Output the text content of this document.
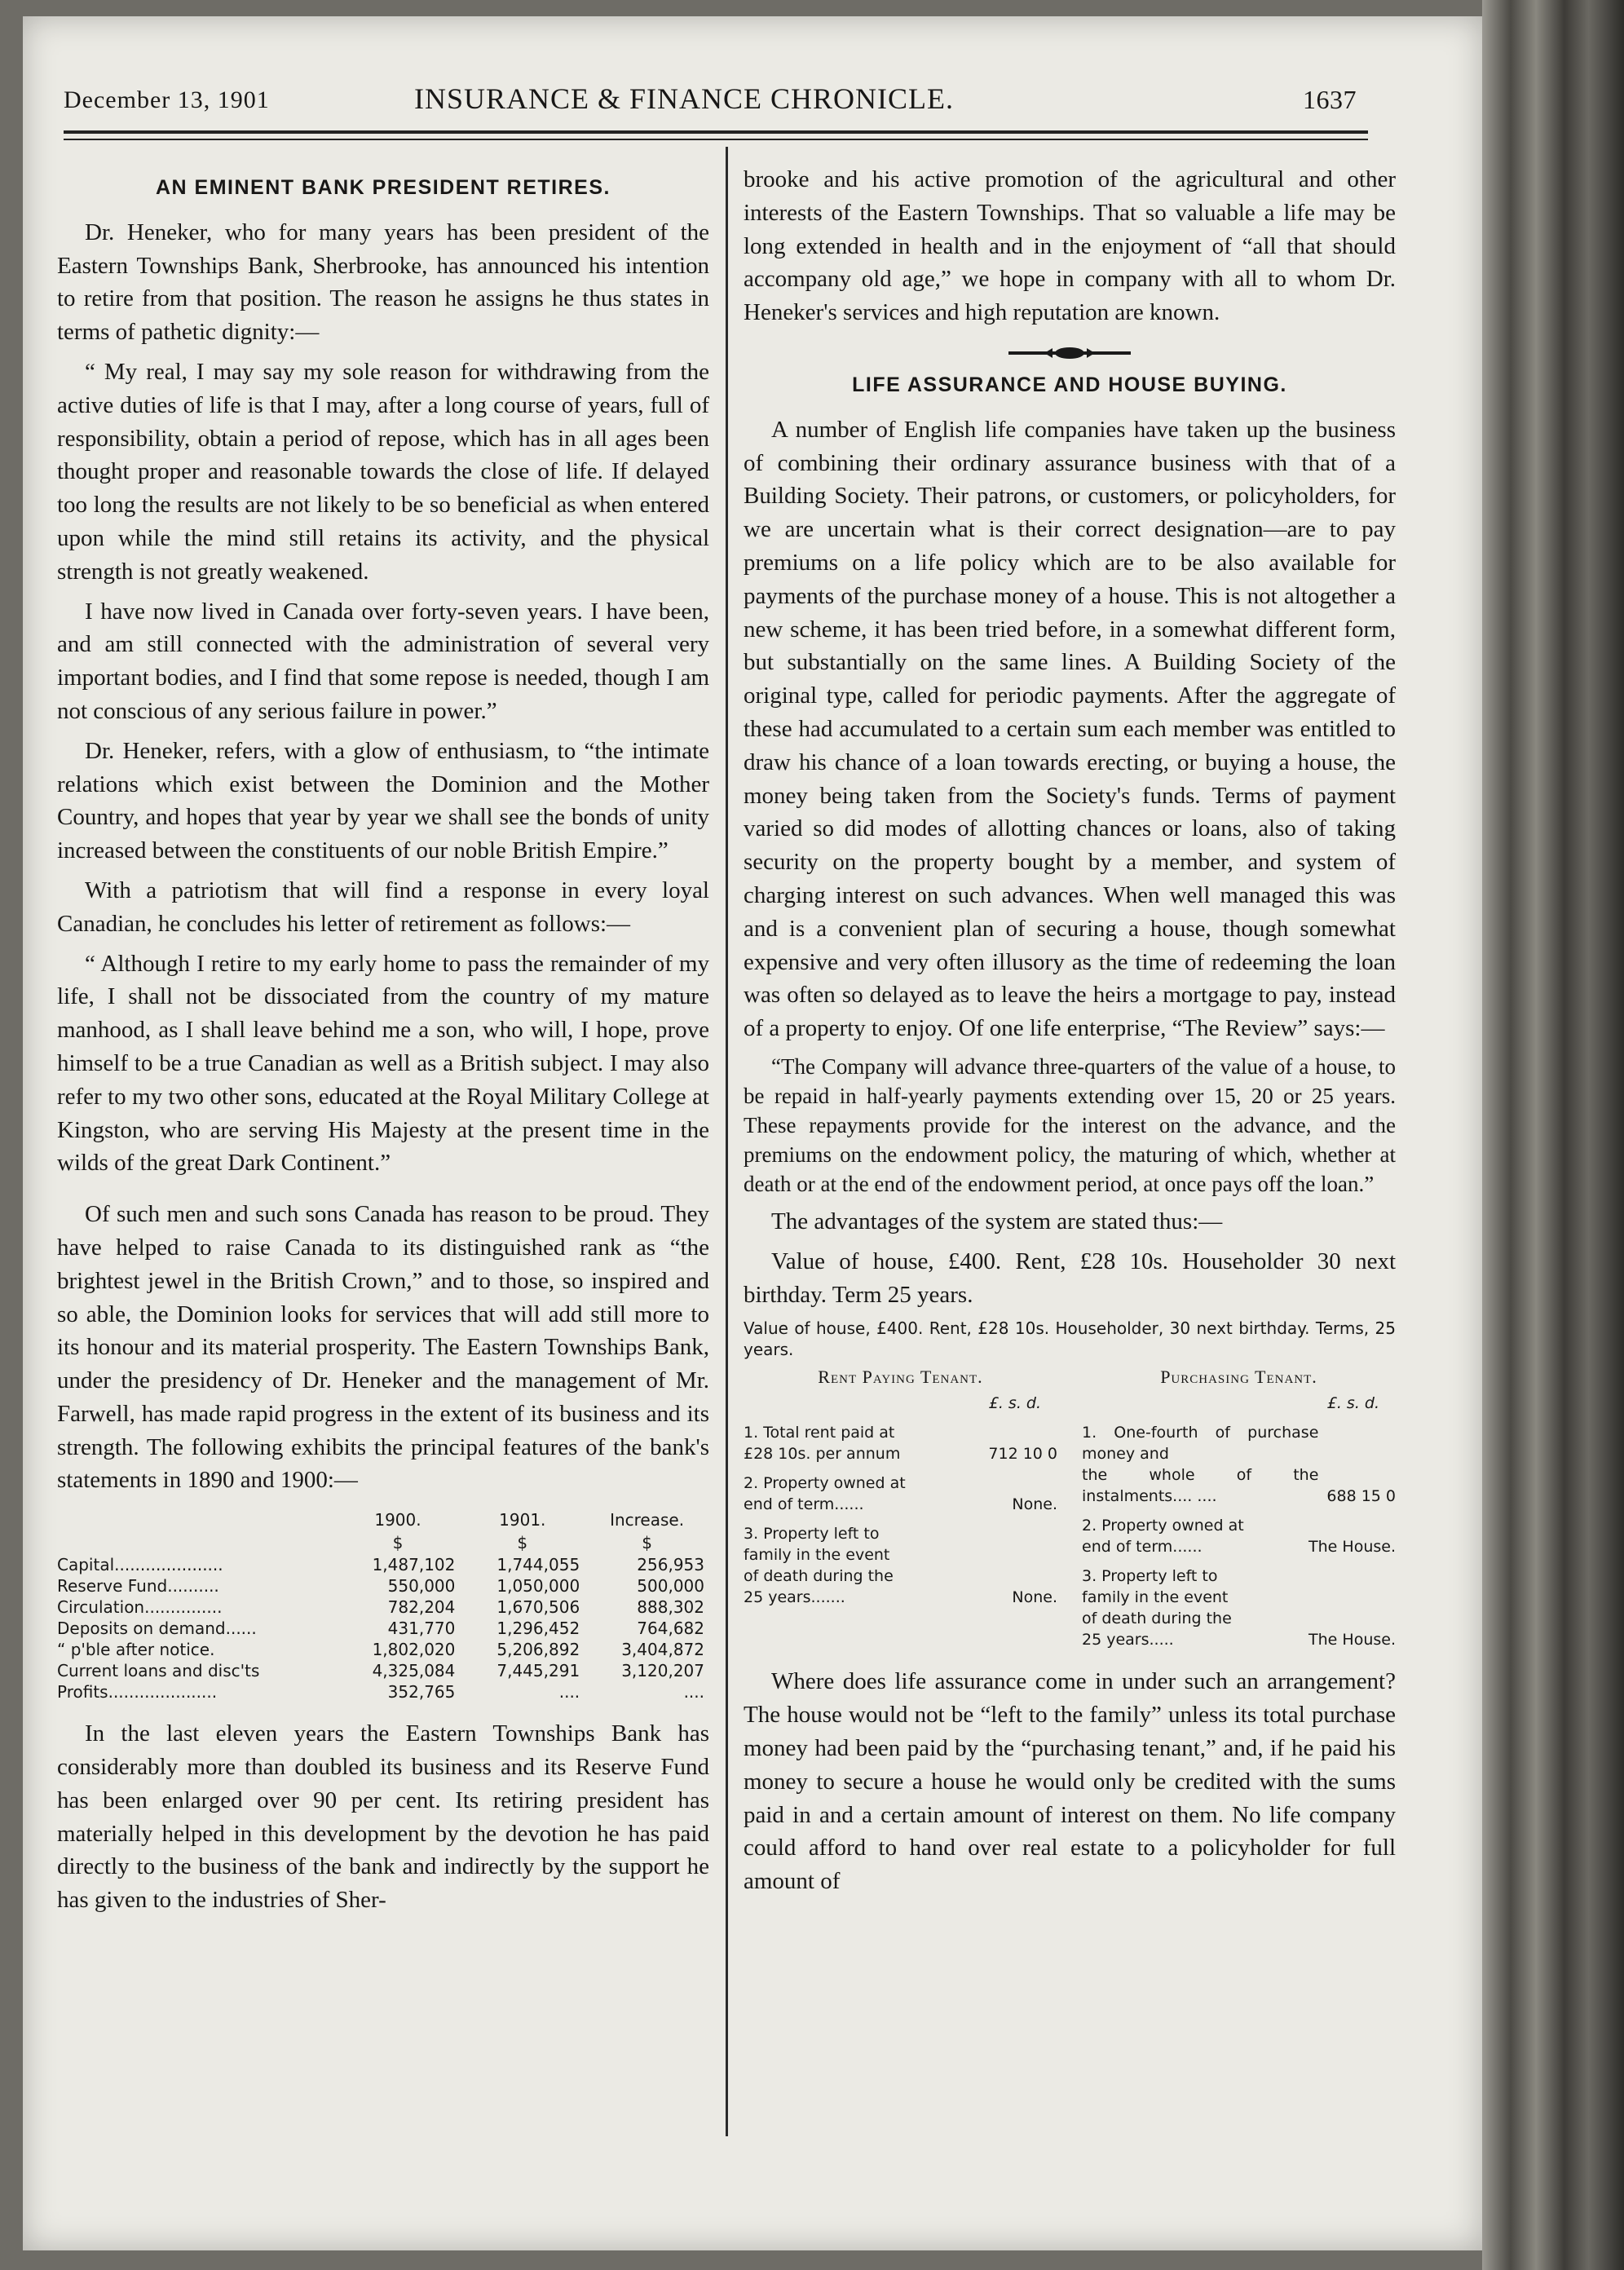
December 13, 1901	INSURANCE & FINANCE CHRONICLE.	1637
AN EMINENT BANK PRESIDENT RETIRES.

Dr. Heneker, who for many years has been president of the Eastern Townships Bank, Sherbrooke, has announced his intention to retire from that position. The reason he assigns he thus states in terms of pathetic dignity:—

“ My real, I may say my sole reason for withdrawing from the active duties of life is that I may, after a long course of years, full of responsibility, obtain a period of repose, which has in all ages been thought proper and reasonable towards the close of life. If delayed too long the results are not likely to be so beneficial as when entered upon while the mind still retains its activity, and the physical strength is not greatly weakened.

I have now lived in Canada over forty-seven years. I have been, and am still connected with the administration of several very important bodies, and I find that some repose is needed, though I am not conscious of any serious failure in power.”

Dr. Heneker, refers, with a glow of enthusiasm, to “the intimate relations which exist between the Dominion and the Mother Country, and hopes that year by year we shall see the bonds of unity increased between the constituents of our noble British Empire.”

With a patriotism that will find a response in every loyal Canadian, he concludes his letter of retirement as follows:—

“ Although I retire to my early home to pass the remainder of my life, I shall not be dissociated from the country of my mature manhood, as I shall leave behind me a son, who will, I hope, prove himself to be a true Canadian as well as a British subject. I may also refer to my two other sons, educated at the Royal Military College at Kingston, who are serving His Majesty at the present time in the wilds of the great Dark Continent.”

Of such men and such sons Canada has reason to be proud. They have helped to raise Canada to its distinguished rank as “the brightest jewel in the British Crown,” and to those, so inspired and so able, the Dominion looks for services that will add still more to its honour and its material prosperity. The Eastern Townships Bank, under the presidency of Dr. Heneker and the management of Mr. Farwell, has made rapid progress in the extent of its business and its strength. The following exhibits the principal features of the bank's statements in 1890 and 1900:—

	1900.	1901.	Increase.
	$	$	$
Capital.....................	1,487,102	1,744,055	256,953
Reserve Fund..........	550,000	1,050,000	500,000
Circulation...............	782,204	1,670,506	888,302
Deposits on demand......	431,770	1,296,452	764,682
“ p'ble after notice.	1,802,020	5,206,892	3,404,872
Current loans and disc'ts	4,325,084	7,445,291	3,120,207
Profits.....................	352,765	....	....

In the last eleven years the Eastern Townships Bank has considerably more than doubled its business and its Reserve Fund has been enlarged over 90 per cent. Its retiring president has materially helped in this development by the devotion he has paid directly to the business of the bank and indirectly by the support he has given to the industries of Sher-

brooke and his active promotion of the agricultural and other interests of the Eastern Townships. That so valuable a life may be long extended in health and in the enjoyment of “all that should accompany old age,” we hope in company with all to whom Dr. Heneker's services and high reputation are known.

LIFE ASSURANCE AND HOUSE BUYING.

A number of English life companies have taken up the business of combining their ordinary assurance business with that of a Building Society. Their patrons, or customers, or policyholders, for we are uncertain what is their correct designation—are to pay premiums on a life policy which are to be also available for payments of the purchase money of a house. This is not altogether a new scheme, it has been tried before, in a somewhat different form, but substantially on the same lines. A Building Society of the original type, called for periodic payments. After the aggregate of these had accumulated to a certain sum each member was entitled to draw his chance of a loan towards erecting, or buying a house, the money being taken from the Society's funds. Terms of payment varied so did modes of allotting chances or loans, also of taking security on the property bought by a member, and system of charging interest on such advances. When well managed this was and is a convenient plan of securing a house, though somewhat expensive and very often illusory as the time of redeeming the loan was often so delayed as to leave the heirs a mortgage to pay, instead of a property to enjoy. Of one life enterprise, “The Review” says:—

“The Company will advance three-quarters of the value of a house, to be repaid in half-yearly payments extending over 15, 20 or 25 years. These repayments provide for the interest on the advance, and the premiums on the endowment policy, the maturing of which, whether at death or at the end of the endowment period, at once pays off the loan.”

The advantages of the system are stated thus:—

Value of house, £400. Rent, £28 10s. Householder 30 next birthday. Term 25 years.

Value of house, £400. Rent, £28 10s. Householder, 30 next birthday. Terms, 25 years.
Rent Paying Tenant.
£. s. d.
1. Total rent paid at
£28 10s. per annum	712 10 0
2. Property owned at
end of term......	None.
3. Property left to
family in the event
of death during the
25 years.......	None.
Purchasing Tenant.
£. s. d.
1. One-fourth of purchase money and
the whole of the instalments.... ....	688 15 0
2. Property owned at
end of term......	The House.
3. Property left to
family in the event
of death during the
25 years.....	The House.

Where does life assurance come in under such an arrangement? The house would not be “left to the family” unless its total purchase money had been paid by the “purchasing tenant,” and, if he paid his money to secure a house he would only be credited with the sums paid in and a certain amount of interest on them. No life company could afford to hand over real estate to a policyholder for full amount of
